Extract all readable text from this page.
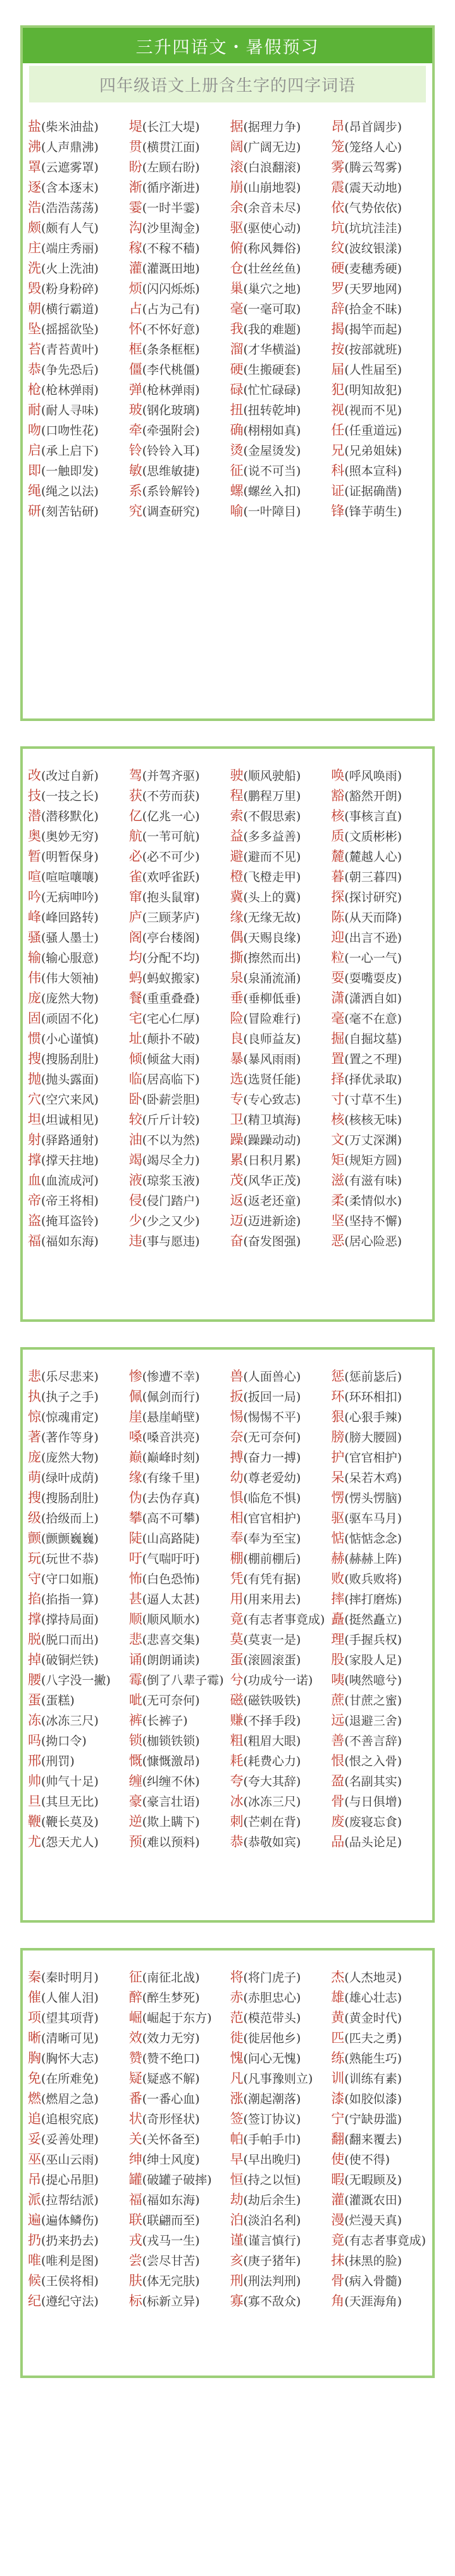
三升四语文・暑假预习
四年级语文上册含生字的四字词语
盐(柴米油盐)	堤(长江大堤)	据(据理力争)	昂(昂首阔步)
沸(人声鼎沸)	贯(横贯江面)	阔(广阔无边)	笼(笼络人心)
罩(云遮雾罩)	盼(左顾右盼)	滚(白浪翻滚)	雾(腾云驾雾)
逐(含本逐末)	渐(循序渐进)	崩(山崩地裂)	震(震天动地)
浩(浩浩荡荡)	霎(一时半霎)	余(余音未尽)	依(气势依依)
颇(颇有人气)	沟(沙里淘金)	驱(驱使心动)	坑(坑坑洼洼)
庄(端庄秀丽)	稼(不稼不穑)	俯(称风舞俗)	纹(波纹银漾)
洗(火上洗油)	灌(灌溉田地)	仓(壮丝丝鱼)	硬(麦穗秀硬)
毁(粉身粉碎)	烦(闪闪烁烁)	巢(巢穴之地)	罗(天罗地网)
朝(横行霸道)	占(占为己有)	毫(一毫可取)	辞(拾金不昧)
坠(摇摇欲坠)	怀(不怀好意)	我(我的难题)	揭(揭竿而起)
苔(青苔黄叶)	框(条条框框)	溜(才华横溢)	按(按部就班)
恭(争先恐后)	僵(李代桃僵)	硬(生搬硬套)	届(人性届至)
枪(枪林弹雨)	弹(枪林弹雨)	碌(忙忙碌碌)	犯(明知故犯)
耐(耐人寻味)	玻(钢化玻璃)	扭(扭转乾坤)	视(视而不见)
吻(口吻性花)	牵(牵强附会)	确(栩栩如真)	任(任重道远)
启(承上启下)	铃(铃铃入耳)	烫(金屋烫发)	兄(兄弟姐妹)
即(一触即发)	敏(思维敏捷)	征(说不可当)	科(照本宣科)
绳(绳之以法)	系(系铃解铃)	螺(螺丝入扣)	证(证据确凿)
研(刻苦钻研)	究(调查研究)	喻(一叶障目)	锋(锋芋萌生)
改(改过自新)	驾(并驾齐驱)	驶(顺风驶船)	唤(呼风唤雨)
技(一技之长)	获(不劳而获)	程(鹏程万里)	豁(豁然开朗)
潜(潜移默化)	亿(亿兆一心)	索(不假思索)	核(事核言直)
奥(奥妙无穷)	航(一苇可航)	益(多多益善)	质(文质彬彬)
暂(明暂保身)	必(必不可少)	避(避而不见)	麓(麓越人心)
喧(喧喧嚷嚷)	雀(欢呼雀跃)	橙(飞橙走甲)	暮(朝三暮四)
吟(无病呻吟)	窜(抱头鼠窜)	冀(头上的冀)	探(探讨研究)
峰(峰回路转)	庐(三顾茅庐)	缘(无缘无故)	陈(从天而降)
骚(骚人墨士)	阁(亭台楼阁)	偶(天赐良缘)	迎(出言不逊)
输(输心服意)	均(分配不均)	撕(擦然而出)	粒(一心一气)
伟(伟大领袖)	蚂(蚂蚁搬家)	泉(泉涌流涌)	耍(耍嘴耍皮)
庞(庞然大物)	餐(重重叠叠)	垂(垂柳低垂)	潇(潇洒自如)
固(顽固不化)	宅(宅心仁厚)	险(冒险难行)	毫(毫不在意)
惯(小心谨慎)	址(颠扑不破)	良(良师益友)	掘(自掘坟墓)
搜(搜肠刮肚)	倾(倾盆大雨)	暴(暴风雨雨)	置(置之不理)
抛(抛头露面)	临(居高临下)	选(选贤任能)	择(择优录取)
穴(空穴来风)	卧(卧薪尝胆)	专(专心致志)	寸(寸草不生)
坦(坦诚相见)	较(斤斤计较)	卫(精卫填海)	核(核核无味)
射(驿路通射)	油(不以为然)	躁(躁躁动动)	文(万丈深渊)
撑(撑天拄地)	竭(竭尽全力)	累(日积月累)	矩(规矩方圆)
血(血流成河)	液(琼浆玉液)	茂(风华正茂)	滋(有滋有味)
帝(帝王将相)	侵(侵门踏户)	返(返老还童)	柔(柔情似水)
盗(掩耳盗铃)	少(少之又少)	迈(迈进新途)	坚(坚持不懈)
福(福如东海)	违(事与愿违)	奋(奋发图强)	恶(居心险恶)
悲(乐尽悲来)	惨(惨遭不幸)	兽(人面兽心)	惩(惩前毖后)
执(执子之手)	佩(佩剑而行)	扳(扳回一局)	环(环环相扣)
惊(惊魂甫定)	崖(悬崖峭壁)	惕(惕惕不平)	狠(心狠手辣)
著(著作等身)	嗓(嗓音洪亮)	奈(无可奈何)	膀(膀大腰圆)
庞(庞然大物)	巅(巅峰时刻)	搏(奋力一搏)	护(官官相护)
萌(绿叶成荫)	缘(有缘千里)	幼(尊老爱幼)	呆(呆若木鸡)
搜(搜肠刮肚)	伪(去伪存真)	惧(临危不惧)	愣(愣头愣脑)
级(拾级而上)	攀(高不可攀)	相(官官相护)	驱(驱车马月)
颤(颤颤巍巍)	陡(山高路陡)	奉(奉为至宝)	惦(惦惦念念)
玩(玩世不恭)	吁(气喘吁吁)	棚(棚前棚后)	赫(赫赫上阵)
守(守口如瓶)	怖(白色恐怖)	凭(有凭有据)	败(败兵败将)
掐(掐指一算)	甚(逼人太甚)	用(用来用去)	摔(摔打磨炼)
撑(撑持局面)	顺(顺风顺水)	竟(有志者事竟成) 矗(挺然矗立)
脱(脱口而出)	悲(悲喜交集)	莫(莫衷一是)	理(手握兵权)
掉(破铜烂铁)	诵(朗朗诵读)	蛋(滚圆滚蛋)	股(家股人足)
腰(八字没一撇)	霉(倒了八辈子霉) 兮(功成兮一诺)	咦(咦然噫兮)
蛋(蛋糕)	呲(无可奈何)	磁(磁铁吸铁)	蔗(甘蔗之蜜)
冻(冰冻三尺)	裤(长裤子)	赚(不择手段)	远(退避三舍)
吗(拗口令)	锁(枷锁铁锁)	粗(粗眉大眼)	善(不善言辞)
邢(刑罚)	慨(慷慨激昂)	耗(耗费心力)	恨(恨之入骨)
帅(帅气十足)	缠(纠缠不休)	夸(夸大其辞)	盈(名副其实)
旦(其旦无比)	豪(豪言壮语)	冰(冰冻三尺)	骨(与日俱增)
鞭(鞭长莫及)	逆(欺上瞒下)	刺(芒刺在背)	废(废寝忘食)
尤(怨天尤人)	预(难以预料)	恭(恭敬如宾)	品(品头论足)
秦(秦时明月)	征(南征北战)	将(将门虎子)	杰(人杰地灵)
催(人催人泪)	醉(醉生梦死)	赤(赤胆忠心)	雄(雄心壮志)
项(望其项背)	崛(崛起于东方)	范(模范带头)	黄(黄金时代)
晰(清晰可见)	效(效力无穷)	徙(徙居他乡)	匹(匹夫之勇)
胸(胸怀大志)	赞(赞不绝口)	愧(问心无愧)	练(熟能生巧)
免(在所难免)	疑(疑惑不解)	凡(凡事豫则立)	训(训练有素)
燃(燃眉之急)	番(一番心血)	涨(潮起潮落)	漆(如胶似漆)
追(追根究底)	状(奇形怪状)	签(签订协议)	宁(宁缺毋滥)
妥(妥善处理)	关(关怀备至)	帕(手帕手巾)	翻(翻来覆去)
巫(巫山云雨)	绅(绅士风度)	早(早出晚归)	使(使不得)
吊(提心吊胆)	罐(破罐子破摔)	恒(持之以恒)	暇(无暇顾及)
派(拉帮结派)	福(福如东海)	劫(劫后余生)	灌(灌溉农田)
遍(遍体鳞伤)	联(联翩而至)	泊(淡泊名利)	漫(烂漫天真)
扔(扔来扔去)	戎(戎马一生)	谨(谨言慎行)	竟(有志者事竟成)
唯(唯利是图)	尝(尝尽甘苦)	亥(庚子猪年)	抹(抹黑的脸)
候(王侯将相)	肤(体无完肤)	刑(刑法判刑)	骨(病入骨髓)
纪(遵纪守法)	标(标新立异)	寡(寡不敌众)	角(天涯海角)
